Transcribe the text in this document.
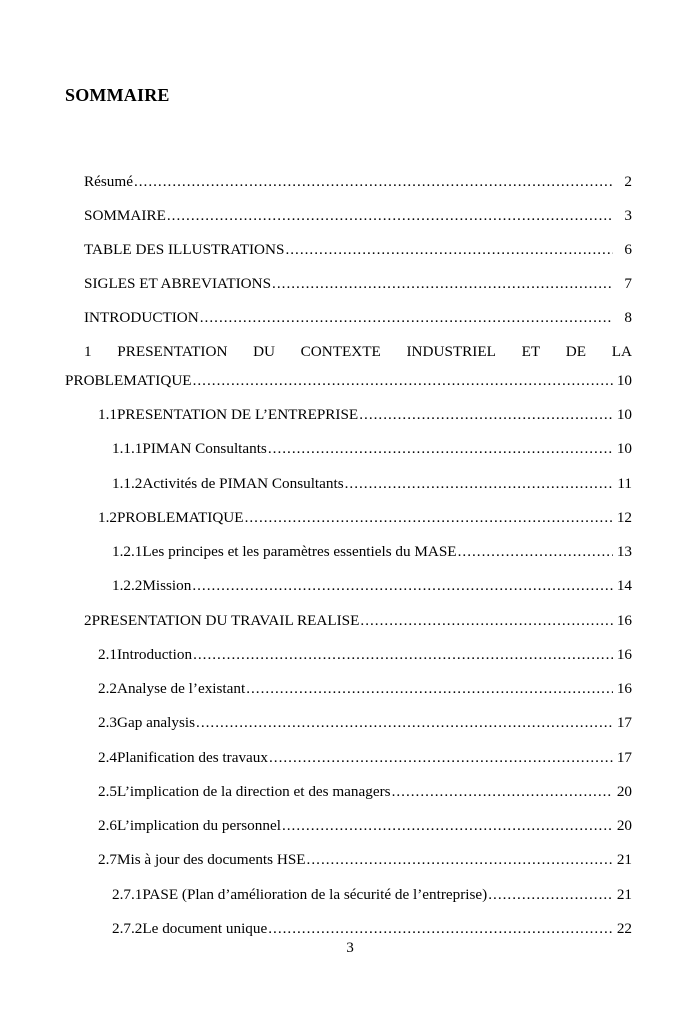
SOMMAIRE
Résumé .....	2
SOMMAIRE .....	3
TABLE DES ILLUSTRATIONS .....	6
SIGLES ET ABREVIATIONS .....	7
INTRODUCTION .....	8
1 PRESENTATION DU CONTEXTE INDUSTRIEL ET DE LA
PROBLEMATIQUE .....	10
1.1 PRESENTATION DE L’ENTREPRISE .....	10
1.1.1 PIMAN Consultants .....	10
1.1.2 Activités de PIMAN Consultants .....	11
1.2 PROBLEMATIQUE .....	12
1.2.1 Les principes et les paramètres essentiels du MASE .....	13
1.2.2 Mission .....	14
2 PRESENTATION DU TRAVAIL REALISE .....	16
2.1 Introduction .....	16
2.2 Analyse de l’existant .....	16
2.3 Gap analysis .....	17
2.4 Planification des travaux .....	17
2.5 L’implication de la direction et des managers .....	20
2.6 L’implication du personnel .....	20
2.7 Mis à jour des documents HSE .....	21
2.7.1 PASE (Plan d’amélioration de la sécurité de l’entreprise) .....	21
2.7.2 Le document unique .....	22
3
